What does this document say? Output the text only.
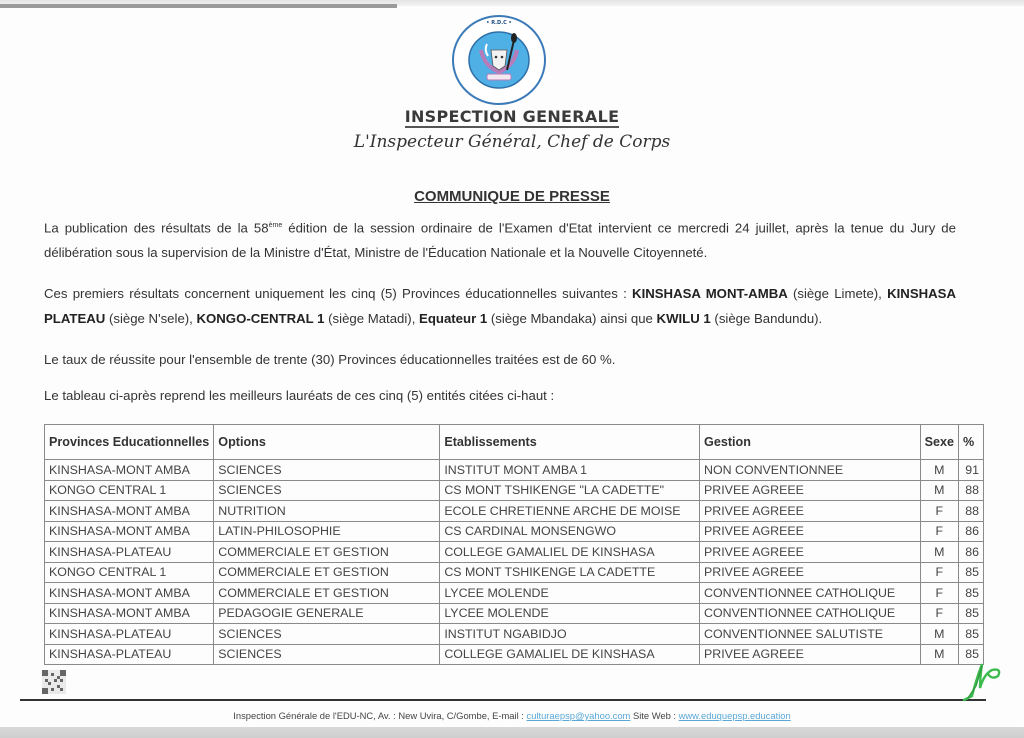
• R.D.C •
INSPECTION GENERALE
L'Inspecteur Général, Chef de Corps
COMMUNIQUE DE PRESSE
La publication des résultats de la 58ème édition de la session ordinaire de l'Examen d'Etat intervient ce mercredi 24 juillet, après la tenue du Jury de délibération sous la supervision de la Ministre d'État, Ministre de l'Éducation Nationale et la Nouvelle Citoyenneté.
Ces premiers résultats concernent uniquement les cinq (5) Provinces éducationnelles suivantes : KINSHASA MONT-AMBA (siège Limete), KINSHASA PLATEAU (siège N'sele), KONGO-CENTRAL 1 (siège Matadi), Equateur 1 (siège Mbandaka) ainsi que KWILU 1 (siège Bandundu).
Le taux de réussite pour l'ensemble de trente (30) Provinces éducationnelles traitées est de 60 %.
Le tableau ci-après reprend les meilleurs lauréats de ces cinq (5) entités citées ci-haut :
Provinces Educationnelles	Options	Etablissements	Gestion	Sexe	%
KINSHASA-MONT AMBA	SCIENCES	INSTITUT MONT AMBA 1	NON CONVENTIONNEE	M	91
KONGO CENTRAL 1	SCIENCES	CS MONT TSHIKENGE "LA CADETTE"	PRIVEE AGREEE	M	88
KINSHASA-MONT AMBA	NUTRITION	ECOLE CHRETIENNE ARCHE DE MOISE	PRIVEE AGREEE	F	88
KINSHASA-MONT AMBA	LATIN-PHILOSOPHIE	CS CARDINAL MONSENGWO	PRIVEE AGREEE	F	86
KINSHASA-PLATEAU	COMMERCIALE ET GESTION	COLLEGE GAMALIEL DE KINSHASA	PRIVEE AGREEE	M	86
KONGO CENTRAL 1	COMMERCIALE ET GESTION	CS MONT TSHIKENGE LA CADETTE	PRIVEE AGREEE	F	85
KINSHASA-MONT AMBA	COMMERCIALE ET GESTION	LYCEE MOLENDE	CONVENTIONNEE CATHOLIQUE	F	85
KINSHASA-MONT AMBA	PEDAGOGIE GENERALE	LYCEE MOLENDE	CONVENTIONNEE CATHOLIQUE	F	85
KINSHASA-PLATEAU	SCIENCES	INSTITUT NGABIDJO	CONVENTIONNEE SALUTISTE	M	85
KINSHASA-PLATEAU	SCIENCES	COLLEGE GAMALIEL DE KINSHASA	PRIVEE AGREEE	M	85
Inspection Générale de l'EDU-NC, Av. : New Uvira, C/Gombe, E-mail : culturaepsp@yahoo.com Site Web : www.eduquepsp.education
